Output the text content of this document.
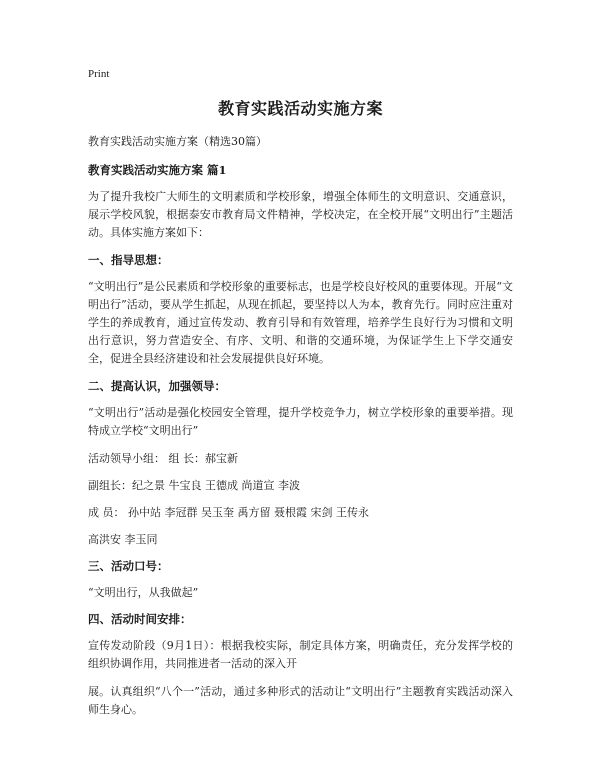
Print
教育实践活动实施方案
教育实践活动实施方案（精选30篇）
教育实践活动实施方案 篇1
为了提升我校广大师生的文明素质和学校形象，增强全体师生的文明意识、交通意识，展示学校风貌，根据泰安市教育局文件精神，学校决定，在全校开展“文明出行”主题活动。具体实施方案如下：
一、指导思想：
“文明出行”是公民素质和学校形象的重要标志，也是学校良好校风的重要体现。开展“文明出行”活动，要从学生抓起，从现在抓起，要坚持以人为本，教育先行。同时应注重对学生的养成教育，通过宣传发动、教育引导和有效管理，培养学生良好行为习惯和文明出行意识，努力营造安全、有序、文明、和谐的交通环境，为保证学生上下学交通安全，促进全县经济建设和社会发展提供良好环境。
二、提高认识，加强领导：
“文明出行”活动是强化校园安全管理，提升学校竞争力，树立学校形象的重要举措。现特成立学校“文明出行”
活动领导小组： 组 长：郝宝新
副组长：纪之景 牛宝良 王德成 尚道宣 李波
成 员： 孙中站 李冠群 吴玉奎 禹方留 聂根霞 宋剑 王传永
高洪安 李玉同
三、活动口号：
“文明出行，从我做起”
四、活动时间安排：
宣传发动阶段（9月1日）：根据我校实际，制定具体方案，明确责任，充分发挥学校的组织协调作用，共同推进者一活动的深入开
展。认真组织“八个一”活动，通过多种形式的活动让“文明出行”主题教育实践活动深入师生身心。
